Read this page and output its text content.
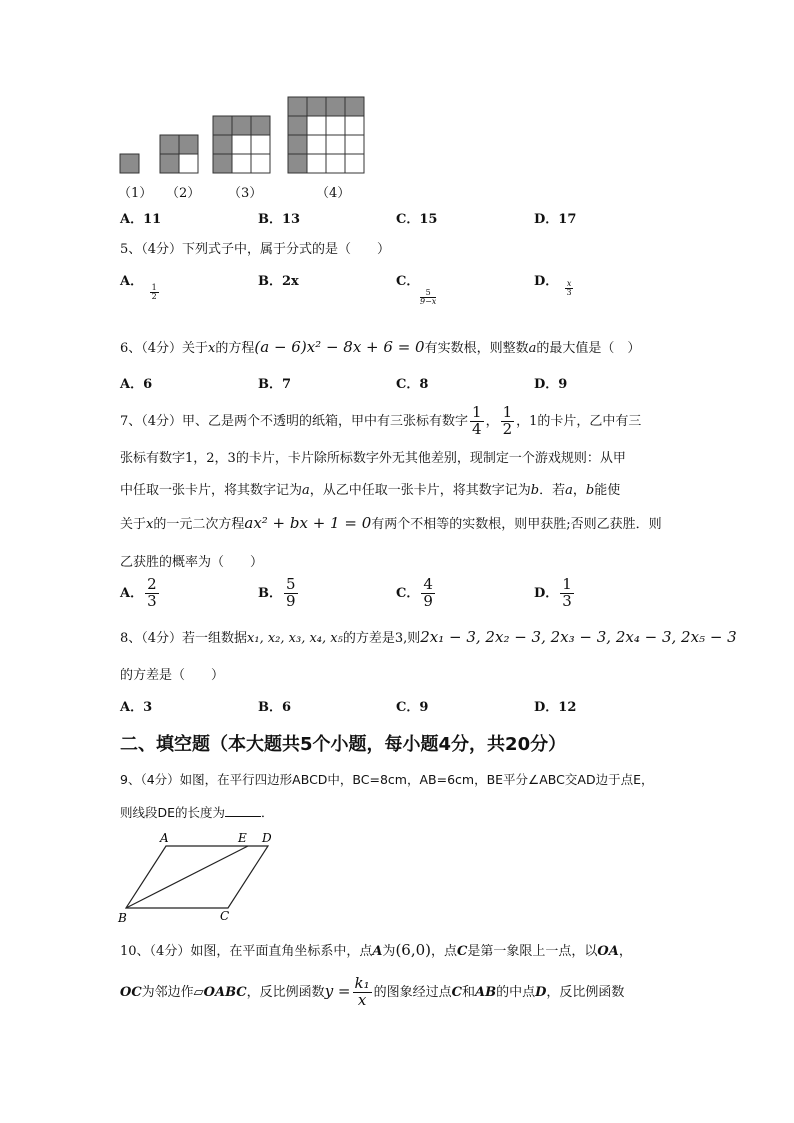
（1） （2） （3）	（4）
A．11	B．13	C．15	D．17
5、（4分）下列式子中，属于分式的是（　　）
A．
$\frac{1}{2}$
B．2x	C．

$\frac{5}{9-x}$
D． $\frac{x}{3}$
6、（4分）关于x的方程(a − 6)x² − 8x + 6 = 0有实数根，则整数a的最大值是（　）
A．6	B．7	C．8	D．9
7、（4分）甲、乙是两个不透明的纸箱，甲中有三张标有数字 $\frac{1}{4}$ ， $\frac{1}{2}$ ，1的卡片，乙中有三
张标有数字1，2，3的卡片，卡片除所标数字外无其他差别，现制定一个游戏规则：从甲
中任取一张卡片，将其数字记为a，从乙中任取一张卡片，将其数字记为b．若a，b能使
关于x的一元二次方程ax² + bx + 1 = 0有两个不相等的实数根，则甲获胜;否则乙获胜．则
乙获胜的概率为（　　）
A． $\frac{2}{3}$	B． $\frac{5}{9}$	C． $\frac{4}{9}$	D． $\frac{1}{3}$
8、（4分）若一组数据x₁, x₂, x₃, x₄, x₅的方差是3,则2x₁ − 3, 2x₂ − 3, 2x₃ − 3, 2x₄ − 3, 2x₅ − 3
的方差是（　　）
A．3	B．6	C．9	D．12
二、填空题（本大题共5个小题，每小题4分，共20分）
9、（4分）如图，在平行四边形ABCD中，BC=8cm，AB=6cm，BE平分∠ABC交AD边于点E，
则线段DE的长度为	．
A	E D
B	C
10、（4分）如图，在平面直角坐标系中，点A为(6,0)，点C是第一象限上一点，以OA，
OC为邻边作▱OABC，反比例函数$y = \frac{\text{k₁}}{x}$ 的图象经过点C和AB的中点D，反比例函数
